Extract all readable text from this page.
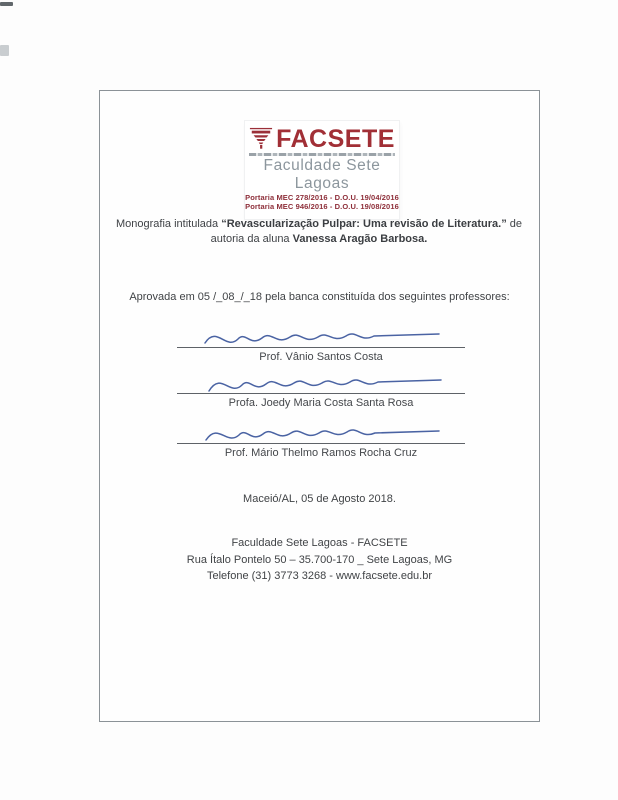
FACSETE
Faculdade Sete Lagoas
Portaria MEC 278/2016 - D.O.U. 19/04/2016
Portaria MEC 946/2016 - D.O.U. 19/08/2016

Monografia intitulada “Revascularização Pulpar: Uma revisão de Literatura.” de autoria da aluna Vanessa Aragão Barbosa.

Aprovada em 05 /_08_/_18 pela banca constituída dos seguintes professores:

Prof. Vânio Santos Costa
Profa. Joedy Maria Costa Santa Rosa
Prof. Mário Thelmo Ramos Rocha Cruz

Maceió/AL, 05 de Agosto 2018.

Faculdade Sete Lagoas - FACSETE
Rua Ítalo Pontelo 50 – 35.700-170 _ Sete Lagoas, MG
Telefone (31) 3773 3268 - www.facsete.edu.br
